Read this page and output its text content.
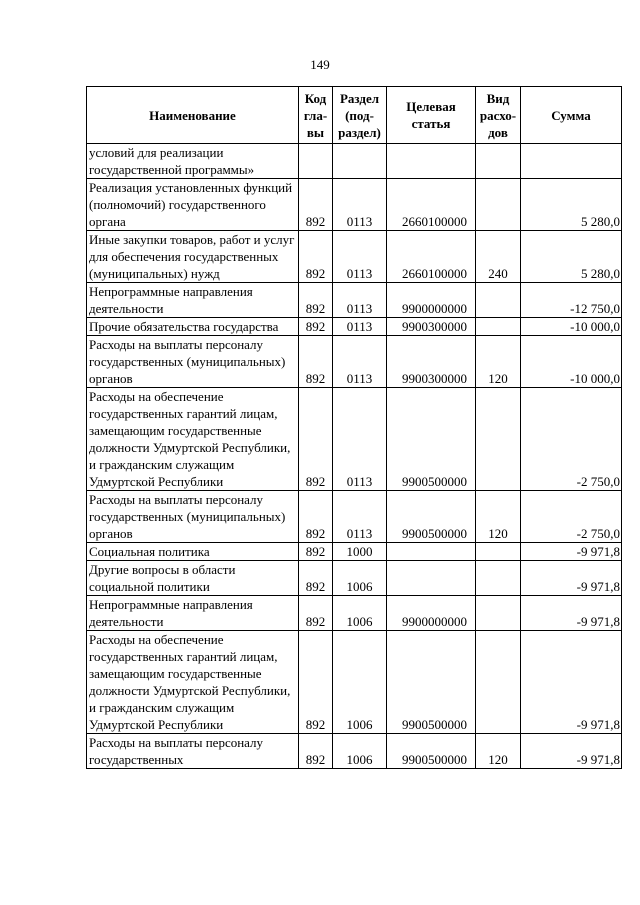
149
Наименование	Код гла-вы	Раздел (под-раздел)	Целевая статья	Вид расхо-дов	Сумма
условий для реализации государственной программы»					
Реализация установленных функций (полномочий) государственного органа	892	0113	2660100000		5 280,0
Иные закупки товаров, работ и услуг для обеспечения государственных (муниципальных) нужд	892	0113	2660100000	240	5 280,0
Непрограммные направления деятельности	892	0113	9900000000		-12 750,0
Прочие обязательства государства	892	0113	9900300000		-10 000,0
Расходы на выплаты персоналу государственных (муниципальных) органов	892	0113	9900300000	120	-10 000,0
Расходы на обеспечение государственных гарантий лицам, замещающим государственные должности Удмуртской Республики, и гражданским служащим Удмуртской Республики	892	0113	9900500000		-2 750,0
Расходы на выплаты персоналу государственных (муниципальных) органов	892	0113	9900500000	120	-2 750,0
Социальная политика	892	1000			-9 971,8
Другие вопросы в области социальной политики	892	1006			-9 971,8
Непрограммные направления деятельности	892	1006	9900000000		-9 971,8
Расходы на обеспечение государственных гарантий лицам, замещающим государственные должности Удмуртской Республики, и гражданским служащим Удмуртской Республики	892	1006	9900500000		-9 971,8
Расходы на выплаты персоналу государственных	892	1006	9900500000	120	-9 971,8
